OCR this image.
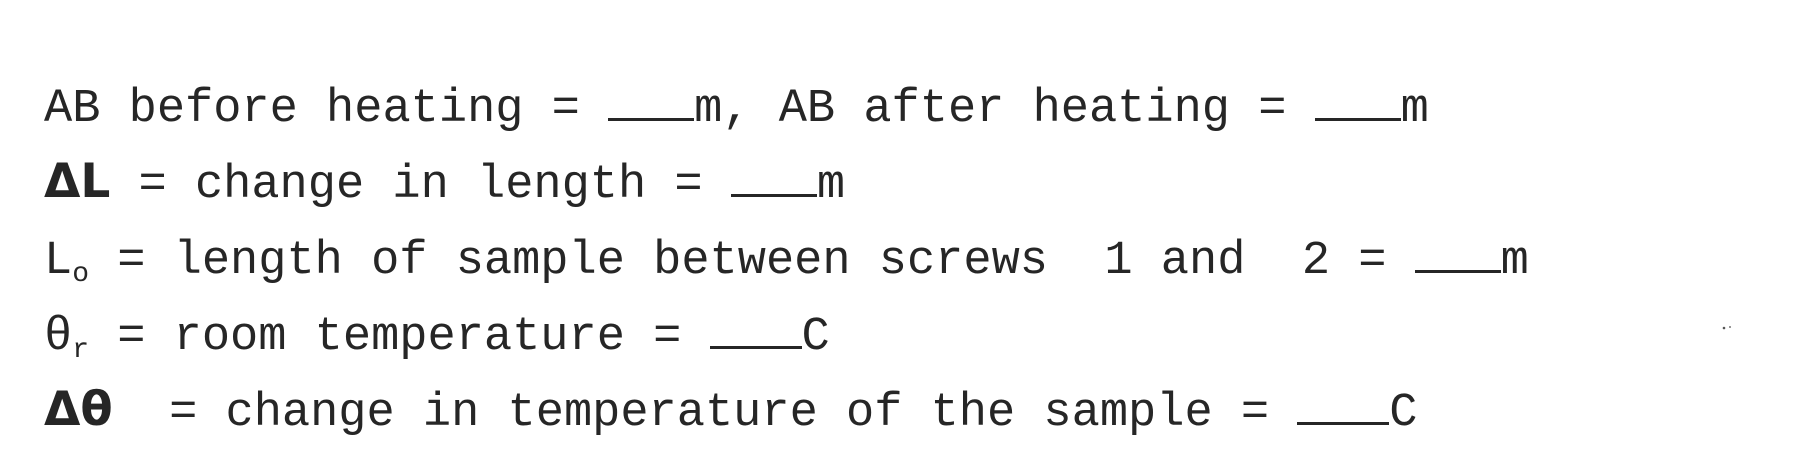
AB before heating = m, AB after heating = m
ΔL = change in length = m
Lo = length of sample between screws  1 and  2 = m
θr = room temperature = C
Δθ  = change in temperature of the sample = C
